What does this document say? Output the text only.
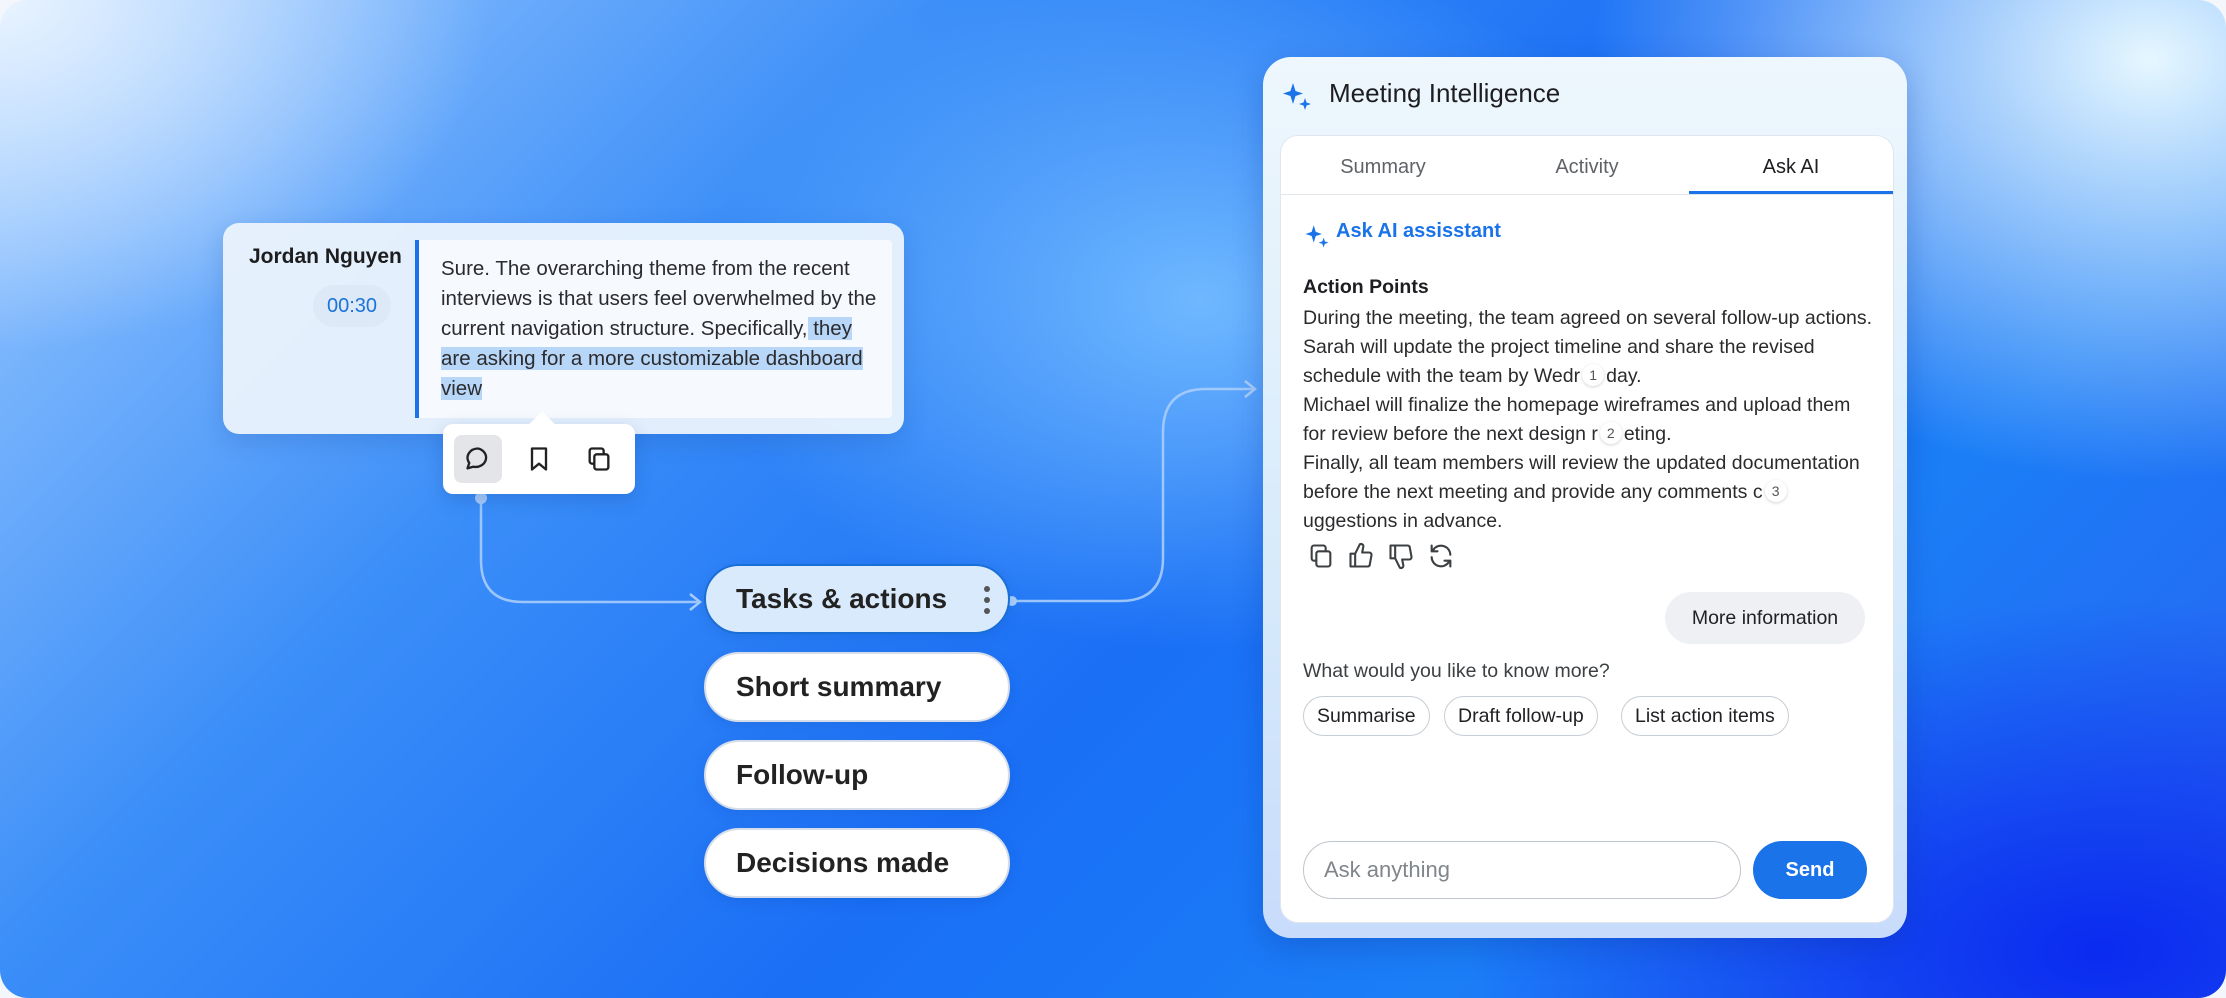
Jordan Nguyen
00:30
Sure. The overarching theme from the recent interviews is that users feel overwhelmed by the current navigation structure. Specifically, they are asking for a more customizable dashboard view
Tasks & actions
Short summary
Follow-up
Decisions made
Meeting Intelligence
Summary	Activity	Ask AI
Ask AI assisstant
Action Points
During the meeting, the team agreed on several follow-up actions. Sarah will update the project timeline and share the revised schedule with the team by Wedr 1 day.
Michael will finalize the homepage wireframes and upload them for review before the next design r 2 eting.
Finally, all team members will review the updated documentation before the next meeting and provide any comments c 3uggestions in advance.
More information
What would you like to know more?
Summarise	Draft follow-up	List action items
Ask anything	Send
